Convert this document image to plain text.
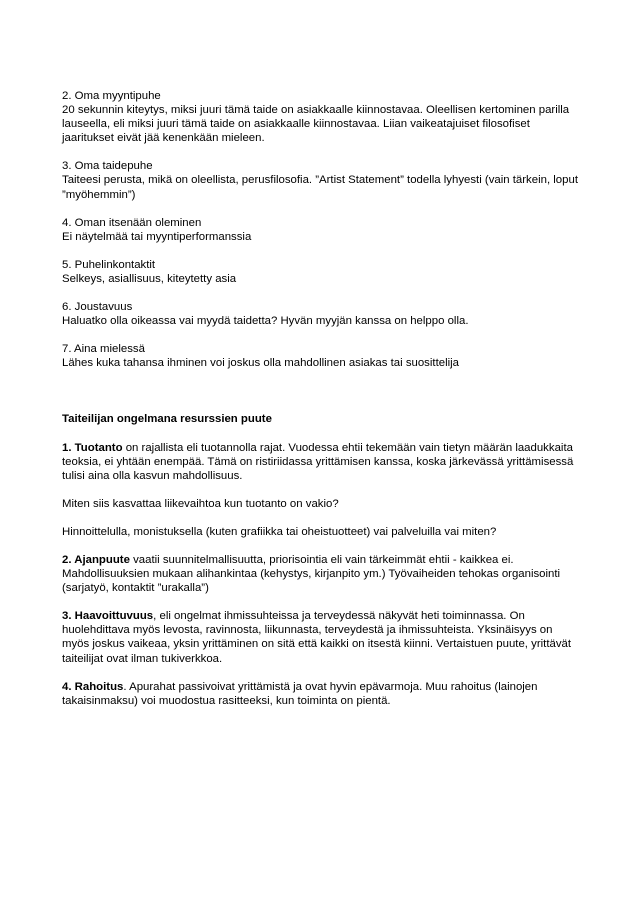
2. Oma myyntipuhe

20 sekunnin kiteytys, miksi juuri tämä taide on asiakkaalle kiinnostavaa. Oleellisen kertominen parilla lauseella, eli miksi juuri tämä taide on asiakkaalle kiinnostavaa. Liian vaikeatajuiset filosofiset jaaritukset eivät jää kenenkään mieleen.

3. Oma taidepuhe

Taiteesi perusta, mikä on oleellista, perusfilosofia. ”Artist Statement” todella lyhyesti (vain tärkein, loput ”myöhemmin”)

4. Oman itsenään oleminen

Ei näytelmää tai myyntiperformanssia

5. Puhelinkontaktit

Selkeys, asiallisuus, kiteytetty asia

6. Joustavuus

Haluatko olla oikeassa vai myydä taidetta? Hyvän myyjän kanssa on helppo olla.

7. Aina mielessä

Lähes kuka tahansa ihminen voi joskus olla mahdollinen asiakas tai suosittelija

Taiteilijan ongelmana resurssien puute

1. Tuotanto on rajallista eli tuotannolla rajat. Vuodessa ehtii tekemään vain tietyn määrän laadukkaita teoksia, ei yhtään enempää. Tämä on ristiriidassa yrittämisen kanssa, koska järkevässä yrittämisessä tulisi aina olla kasvun mahdollisuus.

Miten siis kasvattaa liikevaihtoa kun tuotanto on vakio?

Hinnoittelulla, monistuksella (kuten grafiikka tai oheistuotteet) vai palveluilla vai miten?

2. Ajanpuute vaatii suunnitelmallisuutta, priorisointia eli vain tärkeimmät ehtii - kaikkea ei. Mahdollisuuksien mukaan alihankintaa (kehystys, kirjanpito ym.) Työvaiheiden tehokas organisointi (sarjatyö, kontaktit ”urakalla”)

3. Haavoittuvuus, eli ongelmat ihmissuhteissa ja terveydessä näkyvät heti toiminnassa. On huolehdittava myös levosta, ravinnosta, liikunnasta, terveydestä ja ihmissuhteista. Yksinäisyys on myös joskus vaikeaa, yksin yrittäminen on sitä että kaikki on itsestä kiinni. Vertaistuen puute, yrittävät taiteilijat ovat ilman tukiverkkoa.

4. Rahoitus. Apurahat passivoivat yrittämistä ja ovat hyvin epävarmoja. Muu rahoitus (lainojen takaisinmaksu) voi muodostua rasitteeksi, kun toiminta on pientä.
